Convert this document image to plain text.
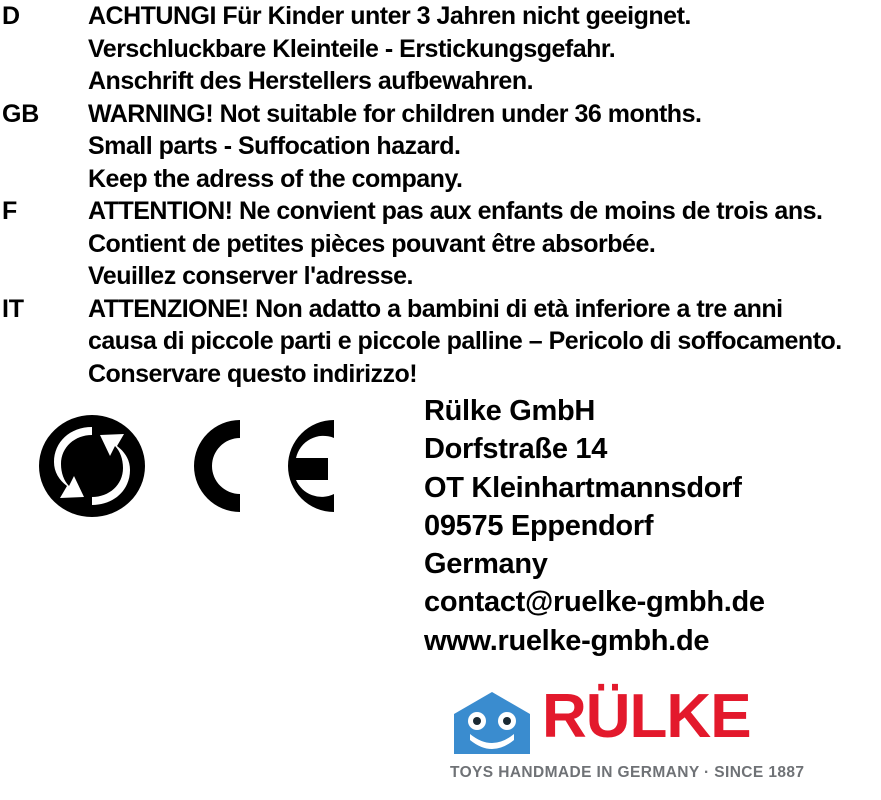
D	ACHTUNGI Für Kinder unter 3 Jahren nicht geeignet.
Verschluckbare Kleinteile - Erstickungsgefahr.
Anschrift des Herstellers aufbewahren.
GB	WARNING! Not suitable for children under 36 months.
Small parts - Suffocation hazard.
Keep the adress of the company.
F	ATTENTION! Ne convient pas aux enfants de moins de trois ans.
Contient de petites pièces pouvant être absorbée.
Veuillez conserver l'adresse.
IT	ATTENZIONE! Non adatto a bambini di età inferiore a tre anni
causa di piccole parti e piccole palline – Pericolo di soffocamento.
Conservare questo indirizzo!
Rülke GmbH
Dorfstraße 14
OT Kleinhartmannsdorf
09575 Eppendorf
Germany
contact@ruelke-gmbh.de
www.ruelke-gmbh.de
RÜLKE
TOYS HANDMADE IN GERMANY · SINCE 1887
